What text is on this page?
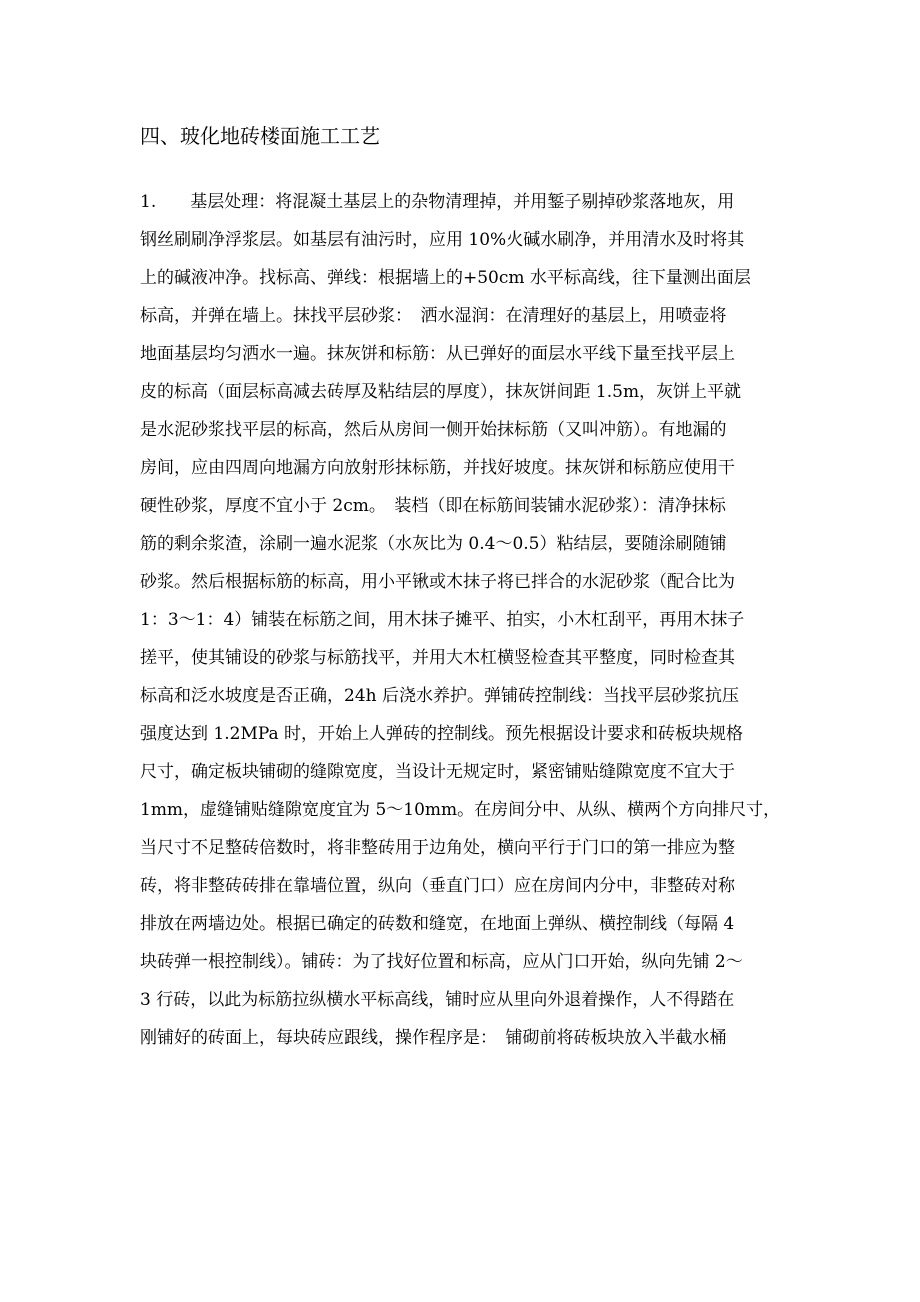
四、玻化地砖楼面施工工艺
1.　　基层处理：将混凝土基层上的杂物清理掉，并用錾子剔掉砂浆落地灰，用
钢丝刷刷净浮浆层。如基层有油污时，应用 10%火碱水刷净，并用清水及时将其
上的碱液冲净。找标高、弹线：根据墙上的+50cm 水平标高线，往下量测出面层
标高，并弹在墙上。抹找平层砂浆：　洒水湿润：在清理好的基层上，用喷壶将
地面基层均匀洒水一遍。抹灰饼和标筋：从已弹好的面层水平线下量至找平层上
皮的标高（面层标高减去砖厚及粘结层的厚度），抹灰饼间距 1.5m，灰饼上平就
是水泥砂浆找平层的标高，然后从房间一侧开始抹标筋（又叫冲筋）。有地漏的
房间，应由四周向地漏方向放射形抹标筋，并找好坡度。抹灰饼和标筋应使用干
硬性砂浆，厚度不宜小于 2cm。　装档（即在标筋间装铺水泥砂浆）：清净抹标
筋的剩余浆渣，涂刷一遍水泥浆（水灰比为 0.4～0.5）粘结层，要随涂刷随铺
砂浆。然后根据标筋的标高，用小平锹或木抹子将已拌合的水泥砂浆（配合比为
1：3～1：4）铺装在标筋之间，用木抹子摊平、拍实，小木杠刮平，再用木抹子
搓平，使其铺设的砂浆与标筋找平，并用大木杠横竖检查其平整度，同时检查其
标高和泛水坡度是否正确，24h 后浇水养护。弹铺砖控制线：当找平层砂浆抗压
强度达到 1.2MPa 时，开始上人弹砖的控制线。预先根据设计要求和砖板块规格
尺寸，确定板块铺砌的缝隙宽度，当设计无规定时，紧密铺贴缝隙宽度不宜大于
1mm，虚缝铺贴缝隙宽度宜为 5～10mm。在房间分中、从纵、横两个方向排尺寸，
当尺寸不足整砖倍数时，将非整砖用于边角处，横向平行于门口的第一排应为整
砖，将非整砖砖排在靠墙位置，纵向（垂直门口）应在房间内分中，非整砖对称
排放在两墙边处。根据已确定的砖数和缝宽，在地面上弹纵、横控制线（每隔 4
块砖弹一根控制线）。铺砖：为了找好位置和标高，应从门口开始，纵向先铺 2～
3 行砖，以此为标筋拉纵横水平标高线，铺时应从里向外退着操作，人不得踏在
刚铺好的砖面上，每块砖应跟线，操作程序是：　铺砌前将砖板块放入半截水桶
